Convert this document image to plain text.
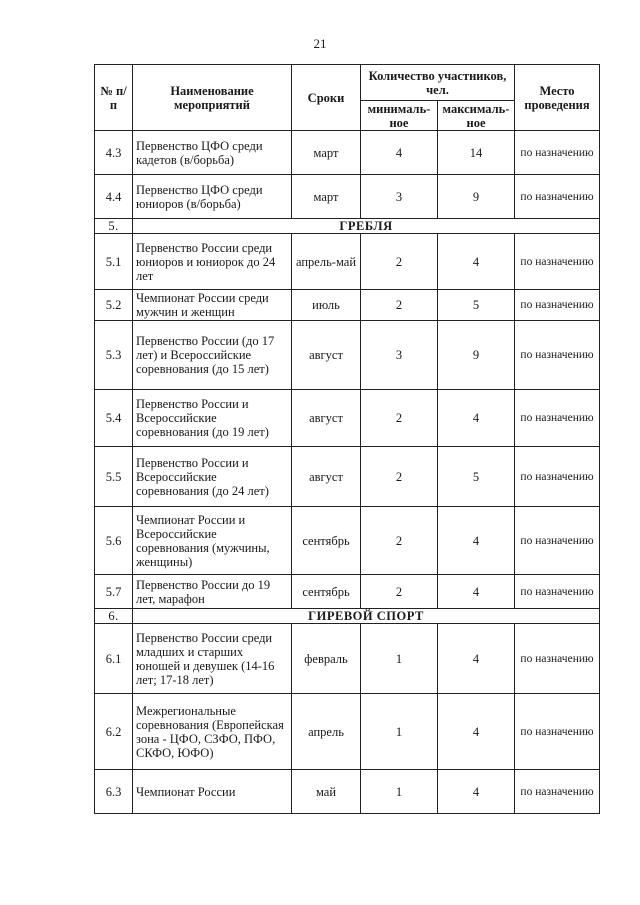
21
№ п/п	Наименование мероприятий	Сроки	Количество участников, чел.		Место проведения
			минималь-ное	максималь-ное	
4.3	Первенство ЦФО среди кадетов (в/борьба)	март	4	14	по назначению
4.4	Первенство ЦФО среди юниоров (в/борьба)	март	3	9	по назначению
5.	ГРЕБЛЯ				
5.1	Первенство России среди юниоров и юниорок до 24 лет	апрель-май	2	4	по назначению
5.2	Чемпионат России среди мужчин и женщин	июль	2	5	по назначению
5.3	Первенство России (до 17 лет) и Всероссийские соревнования (до 15 лет)	август	3	9	по назначению
5.4	Первенство России и Всероссийские соревнования (до 19 лет)	август	2	4	по назначению
5.5	Первенство России и Всероссийские соревнования (до 24 лет)	август	2	5	по назначению
5.6	Чемпионат России и Всероссийские соревнования (мужчины, женщины)	сентябрь	2	4	по назначению
5.7	Первенство России до 19 лет, марафон	сентябрь	2	4	по назначению
6.	ГИРЕВОЙ СПОРТ				
6.1	Первенство России среди младших и старших юношей и девушек (14-16 лет; 17-18 лет)	февраль	1	4	по назначению
6.2	Межрегиональные соревнования (Европейская зона - ЦФО, СЗФО, ПФО, СКФО, ЮФО)	апрель	1	4	по назначению
6.3	Чемпионат России	май	1	4	по назначению
